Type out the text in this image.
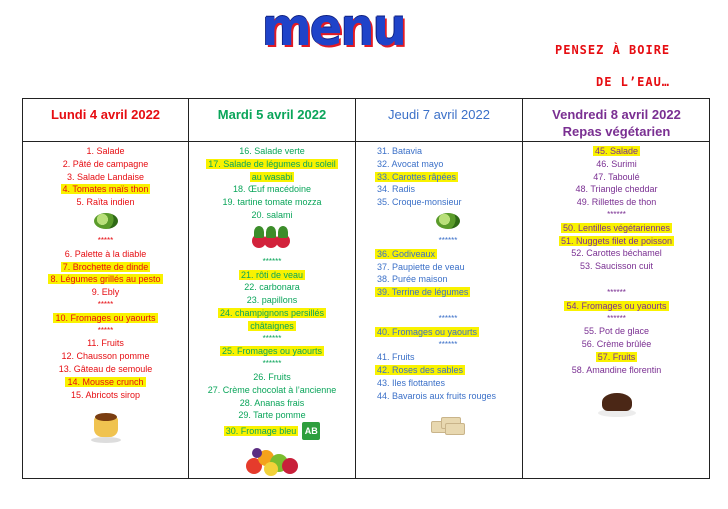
menu	PENSEZ À BOIRE
DE L’EAU…
Lundi 4 avril 2022	Mardi 5 avril 2022	Jeudi 7 avril 2022	Vendredi 8 avril 2022
Repas végétarien
1. Salade
2. Pâté de campagne
3. Salade Landaise
4. Tomates maïs thon
5. Raïta indien
*****
6. Palette à la diable
7. Brochette de dinde
8. Légumes grillés au pesto
9. Ebly
*****
10. Fromages ou yaourts
*****
11. Fruits
12. Chausson pomme
13. Gâteau de semoule
14. Mousse crunch
15. Abricots sirop
16. Salade verte
17. Salade de légumes du soleil
au wasabi
18. Œuf macédoine
19. tartine tomate mozza
20. salami
******
21. rôti de veau
22. carbonara
23. papillons
24. champignons persillés
châtaignes
******
25. Fromages ou yaourts
******
26. Fruits
27. Crème chocolat à l’ancienne
28. Ananas frais
29. Tarte pomme
30. Fromage bleu AB
31. Batavia
32. Avocat mayo
33. Carottes râpées
34. Radis
35. Croque-monsieur
******
36. Godiveaux
37. Paupiette de veau
38. Purée maison
39. Terrine de légumes
******
40. Fromages ou yaourts
******
41. Fruits
42. Roses des sables
43. Iles flottantes
44. Bavarois aux fruits rouges
45. Salade
46. Surimi
47. Taboulé
48. Triangle cheddar
49. Rillettes de thon
******
50. Lentilles végétariennes
51. Nuggets filet de poisson
52. Carottes béchamel
53. Saucisson cuit
******
54. Fromages ou yaourts
******
55. Pot de glace
56. Crème brûlée
57. Fruits
58. Amandine florentin
